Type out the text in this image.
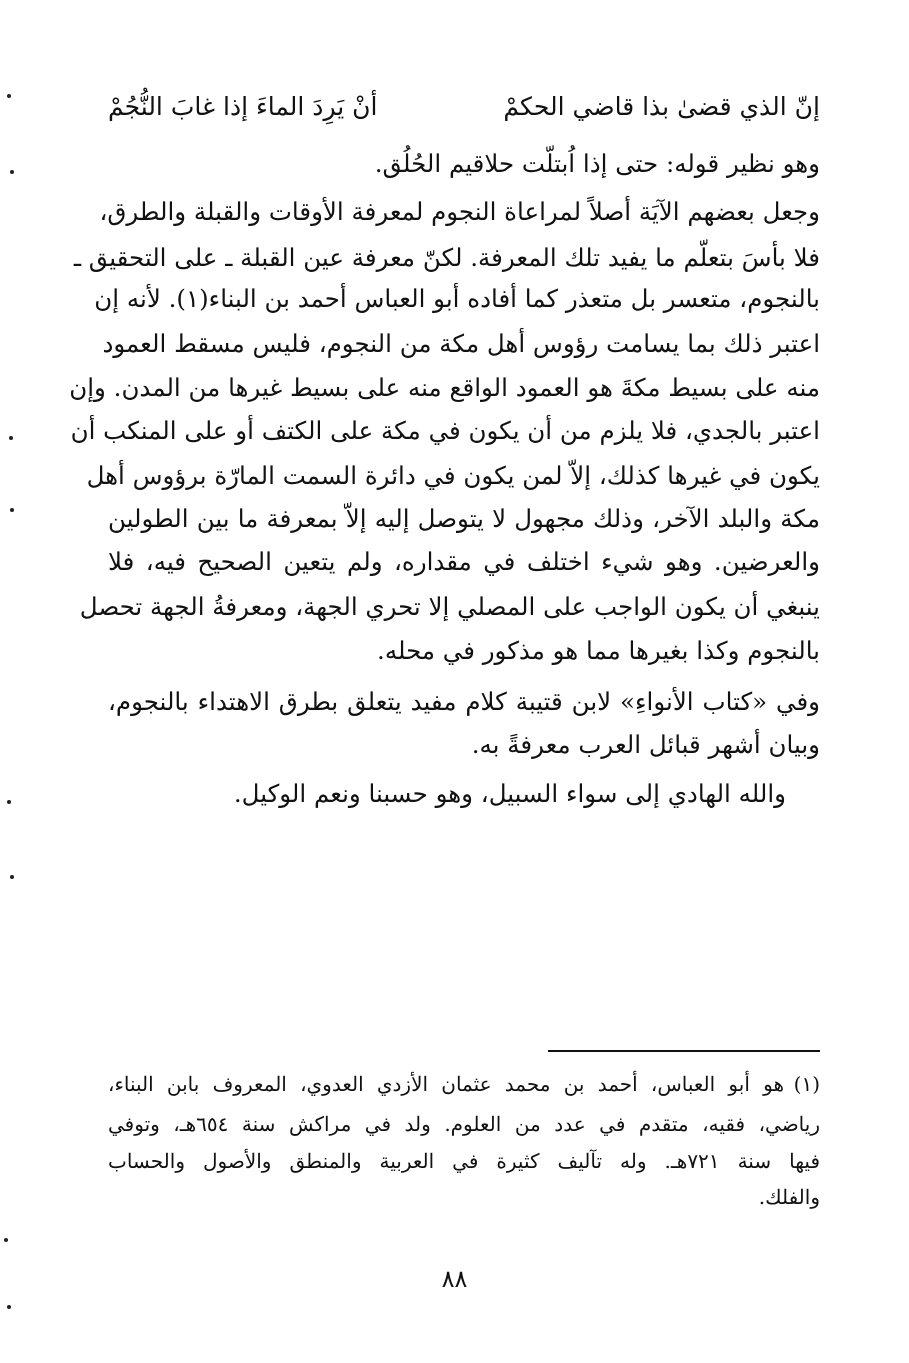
إنّ الذي قضىٰ بذا قاضي الحكمْ
أنْ يَرِدَ الماءَ إذا غابَ النُّجُمْ
وهو نظير قوله: حتى إذا اُبتلّت حلاقيم الحُلُق.
وجعل بعضهم الآيَة أصلاً لمراعاة النجوم لمعرفة الأوقات والقبلة والطرق،
فلا بأسَ بتعلّم ما يفيد تلك المعرفة. لكنّ معرفة عين القبلة ـ على التحقيق ـ
بالنجوم، متعسر بل متعذر كما أفاده أبو العباس أحمد بن البناء(١). لأنه إن
اعتبر ذلك بما يسامت رؤوس أهل مكة من النجوم، فليس مسقط العمود
منه على بسيط مكةَ هو العمود الواقع منه على بسيط غيرها من المدن. وإن
اعتبر بالجدي، فلا يلزم من أن يكون في مكة على الكتف أو على المنكب أن
يكون في غيرها كذلك، إلاّ لمن يكون في دائرة السمت المارّة برؤوس أهل
مكة والبلد الآخر، وذلك مجهول لا يتوصل إليه إلاّ بمعرفة ما بين الطولين
والعرضين. وهو شيء اختلف في مقداره، ولم يتعين الصحيح فيه، فلا
ينبغي أن يكون الواجب على المصلي إلا تحري الجهة، ومعرفةُ الجهة تحصل
بالنجوم وكذا بغيرها مما هو مذكور في محله.
وفي «كتاب الأنواءِ» لابن قتيبة كلام مفيد يتعلق بطرق الاهتداء بالنجوم،
وبيان أشهر قبائل العرب معرفةً به.
والله الهادي إلى سواء السبيل، وهو حسبنا ونعم الوكيل.
(١)
هو أبو العباس، أحمد بن محمد عثمان الأزدي العدوي، المعروف بابن البناء،
رياضي، فقيه، متقدم في عدد من العلوم. ولد في مراكش سنة ٦٥٤هـ، وتوفي
فيها سنة ٧٢١هـ. وله تآليف كثيرة في العربية والمنطق والأصول والحساب
والفلك.
٨٨
